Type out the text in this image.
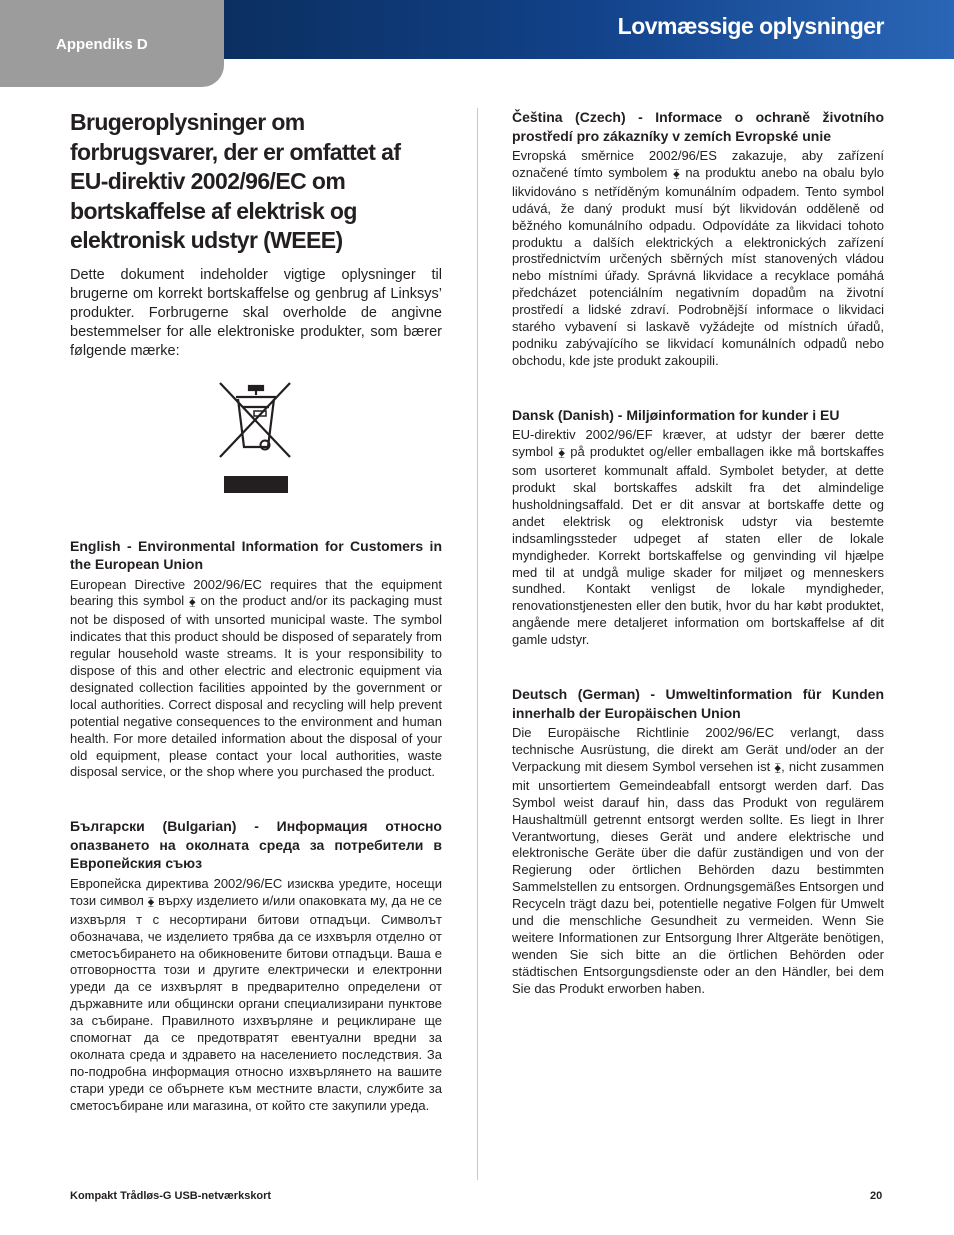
Appendiks D
Lovmæssige oplysninger
Brugeroplysninger om forbrugsvarer, der er omfattet af EU-direktiv 2002/96/EC om bortskaffelse af elektrisk og elektronisk udstyr (WEEE)

Dette dokument indeholder vigtige oplysninger til brugerne om korrekt bortskaffelse og genbrug af Linksys’ produkter. Forbrugerne skal overholde de angivne bestemmelser for alle elektroniske produkter, som bærer følgende mærke:

English - Environmental Information for Customers in the European Union

European Directive 2002/96/EC requires that the equipment bearing this symbol ⧱ on the product and/or its packaging must not be disposed of with unsorted municipal waste. The symbol indicates that this product should be disposed of separately from regular household waste streams. It is your responsibility to dispose of this and other electric and electronic equipment via designated collection facilities appointed by the government or local authorities. Correct disposal and recycling will help prevent potential negative consequences to the environment and human health. For more detailed information about the disposal of your old equipment, please contact your local authorities, waste disposal service, or the shop where you purchased the product.

Български (Bulgarian) - Информация относно опазването на околната среда за потребители в Европейския съюз

Европейска директива 2002/96/EC изисква уредите, носещи този символ ⧱ върху изделието и/или опаковката му, да не се изхвърля т с несортирани битови отпадъци. Символът обозначава, че изделието трябва да се изхвърля отделно от сметосъбирането на обикновените битови отпадъци. Ваша е отговорността този и другите електрически и електронни уреди да се изхвърлят в предварително определени от държавните или общински органи специализирани пунктове за събиране. Правилното изхвърляне и рециклиране ще спомогнат да се предотвратят евентуални вредни за околната среда и здравето на населението последствия. За по-подробна информация относно изхвърлянето на вашите стари уреди се обърнете към местните власти, службите за сметосъбиране или магазина, от който сте закупили уреда.

Čeština (Czech) - Informace o ochraně životního prostředí pro zákazníky v zemích Evropské unie

Evropská směrnice 2002/96/ES zakazuje, aby zařízení označené tímto symbolem ⧱ na produktu anebo na obalu bylo likvidováno s netříděným komunálním odpadem. Tento symbol udává, že daný produkt musí být likvidován odděleně od běžného komunálního odpadu. Odpovídáte za likvidaci tohoto produktu a dalších elektrických a elektronických zařízení prostřednictvím určených sběrných míst stanovených vládou nebo místními úřady. Správná likvidace a recyklace pomáhá předcházet potenciálním negativním dopadům na životní prostředí a lidské zdraví. Podrobnější informace o likvidaci starého vybavení si laskavě vyžádejte od místních úřadů, podniku zabývajícího se likvidací komunálních odpadů nebo obchodu, kde jste produkt zakoupili.

Dansk (Danish) - Miljøinformation for kunder i EU

EU-direktiv 2002/96/EF kræver, at udstyr der bærer dette symbol ⧱ på produktet og/eller emballagen ikke må bortskaffes som usorteret kommunalt affald. Symbolet betyder, at dette produkt skal bortskaffes adskilt fra det almindelige husholdningsaffald. Det er dit ansvar at bortskaffe dette og andet elektrisk og elektronisk udstyr via bestemte indsamlingssteder udpeget af staten eller de lokale myndigheder. Korrekt bortskaffelse og genvinding vil hjælpe med til at undgå mulige skader for miljøet og menneskers sundhed. Kontakt venligst de lokale myndigheder, renovationstjenesten eller den butik, hvor du har købt produktet, angående mere detaljeret information om bortskaffelse af dit gamle udstyr.

Deutsch (German) - Umweltinformation für Kunden innerhalb der Europäischen Union

Die Europäische Richtlinie 2002/96/EC verlangt, dass technische Ausrüstung, die direkt am Gerät und/oder an der Verpackung mit diesem Symbol versehen ist ⧱, nicht zusammen mit unsortiertem Gemeindeabfall entsorgt werden darf. Das Symbol weist darauf hin, dass das Produkt von regulärem Haushaltmüll getrennt entsorgt werden sollte. Es liegt in Ihrer Verantwortung, dieses Gerät und andere elektrische und elektronische Geräte über die dafür zuständigen und von der Regierung oder örtlichen Behörden dazu bestimmten Sammelstellen zu entsorgen. Ordnungsgemäßes Entsorgen und Recyceln trägt dazu bei, potentielle negative Folgen für Umwelt und die menschliche Gesundheit zu vermeiden. Wenn Sie weitere Informationen zur Entsorgung Ihrer Altgeräte benötigen, wenden Sie sich bitte an die örtlichen Behörden oder städtischen Entsorgungsdienste oder an den Händler, bei dem Sie das Produkt erworben haben.

Kompakt Trådløs-G USB-netværkskort	20
